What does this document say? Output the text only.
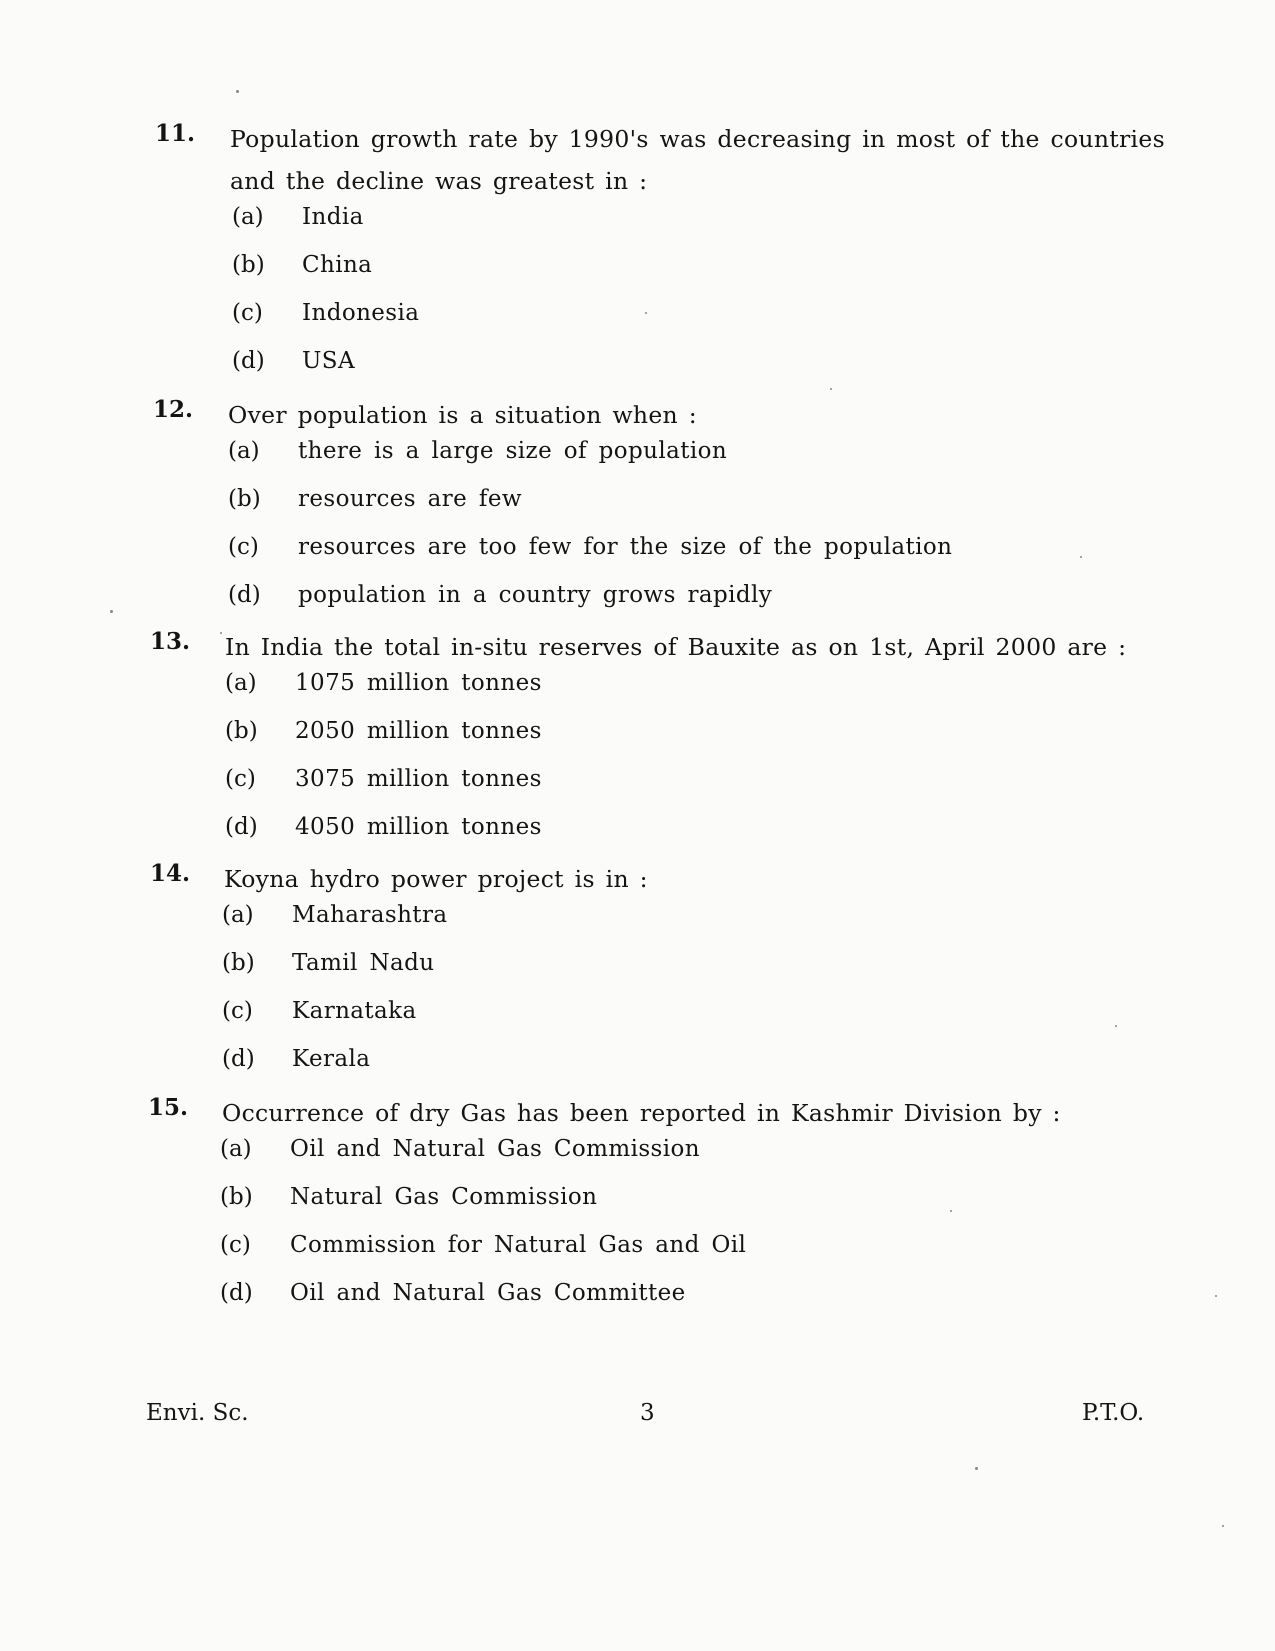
11. Population growth rate by 1990's was decreasing in most of the countries and the decline was greatest in :
(a) India
(b) China
(c) Indonesia
(d) USA
12. Over population is a situation when :
(a) there is a large size of population
(b) resources are few
(c) resources are too few for the size of the population
(d) population in a country grows rapidly
13. In India the total in-situ reserves of Bauxite as on 1st, April 2000 are :
(a) 1075 million tonnes
(b) 2050 million tonnes
(c) 3075 million tonnes
(d) 4050 million tonnes
14. Koyna hydro power project is in :
(a) Maharashtra
(b) Tamil Nadu
(c) Karnataka
(d) Kerala
15. Occurrence of dry Gas has been reported in Kashmir Division by :
(a) Oil and Natural Gas Commission
(b) Natural Gas Commission
(c) Commission for Natural Gas and Oil
(d) Oil and Natural Gas Committee
Envi. Sc.	3	P.T.O.
